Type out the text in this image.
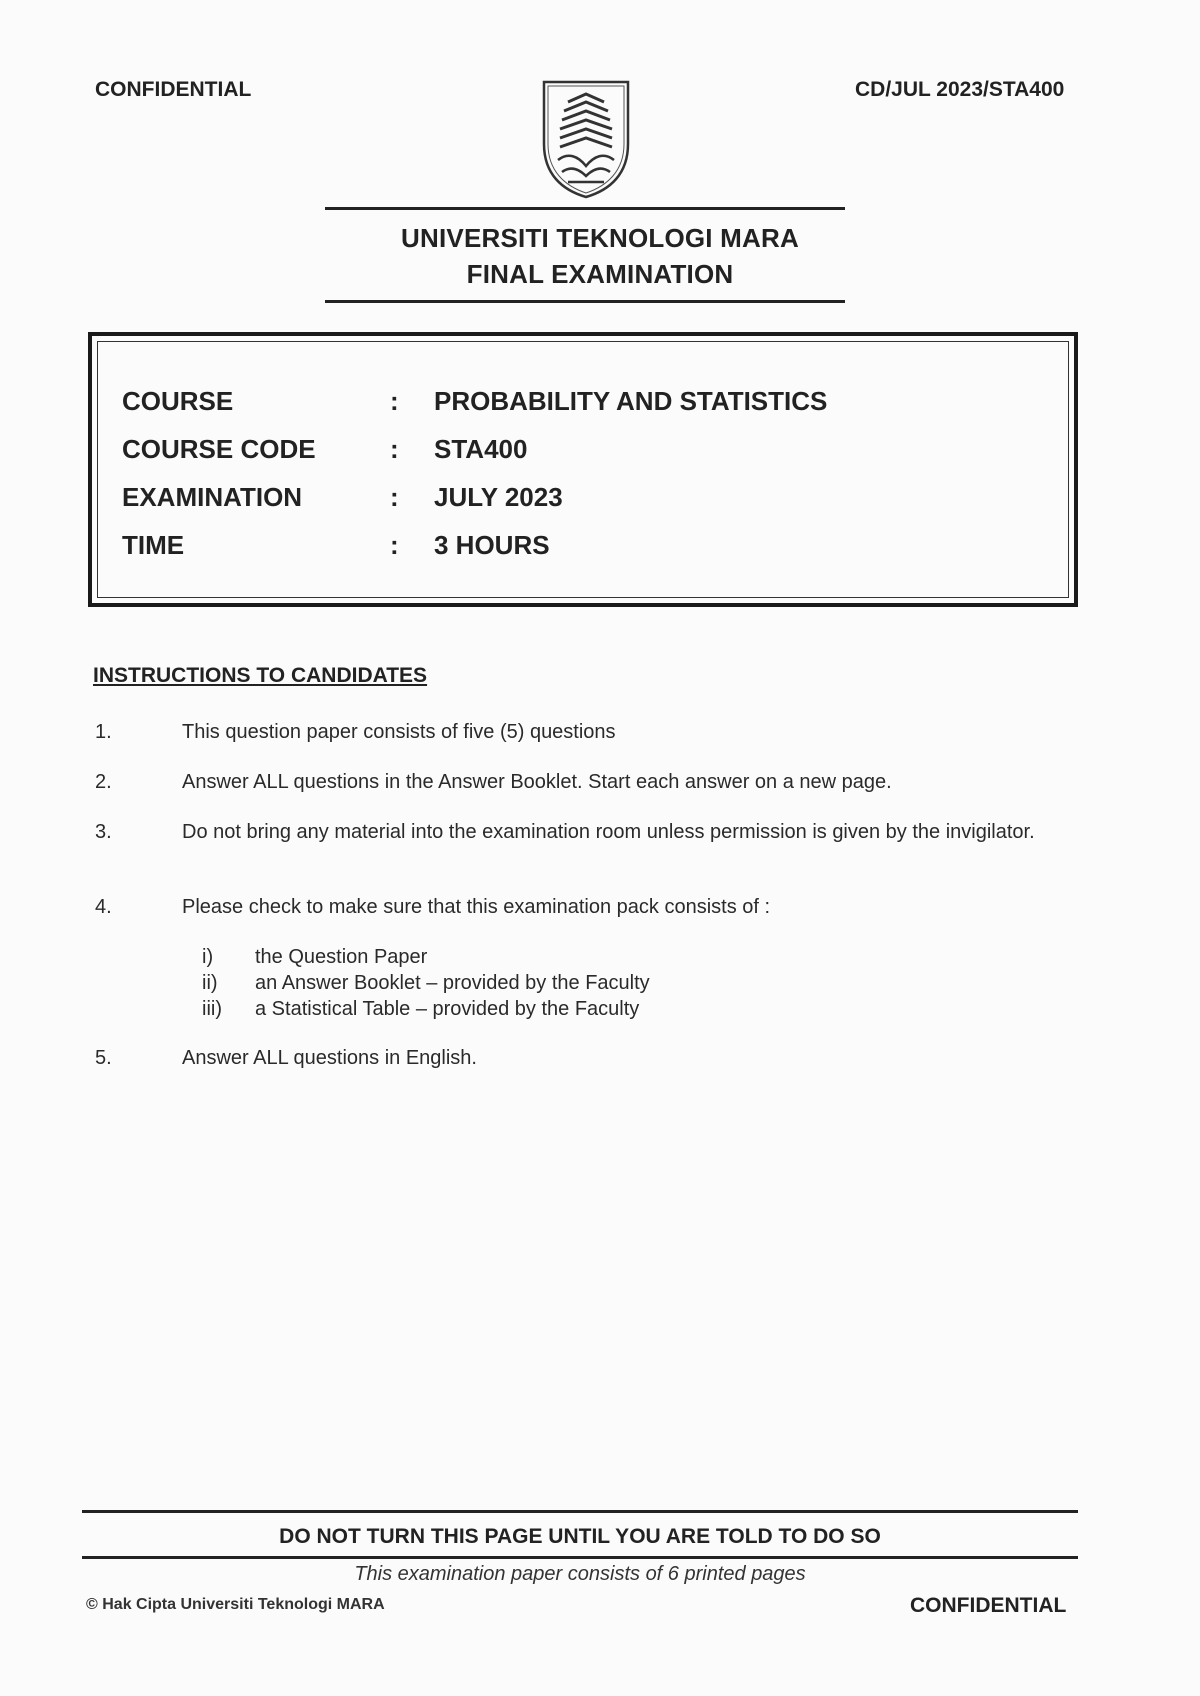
CONFIDENTIAL	CD/JUL 2023/STA400
UNIVERSITI TEKNOLOGI MARA
FINAL EXAMINATION
COURSE	: PROBABILITY AND STATISTICS
COURSE CODE	: STA400
EXAMINATION	: JULY 2023
TIME	: 3 HOURS
INSTRUCTIONS TO CANDIDATES
1.	This question paper consists of five (5) questions
2.	Answer ALL questions in the Answer Booklet. Start each answer on a new page.
3.	Do not bring any material into the examination room unless permission is given by the invigilator.
4.	Please check to make sure that this examination pack consists of :
i)	the Question Paper
ii)	an Answer Booklet – provided by the Faculty
iii)	a Statistical Table – provided by the Faculty
5.	Answer ALL questions in English.
DO NOT TURN THIS PAGE UNTIL YOU ARE TOLD TO DO SO
This examination paper consists of 6 printed pages
© Hak Cipta Universiti Teknologi MARA	CONFIDENTIAL
